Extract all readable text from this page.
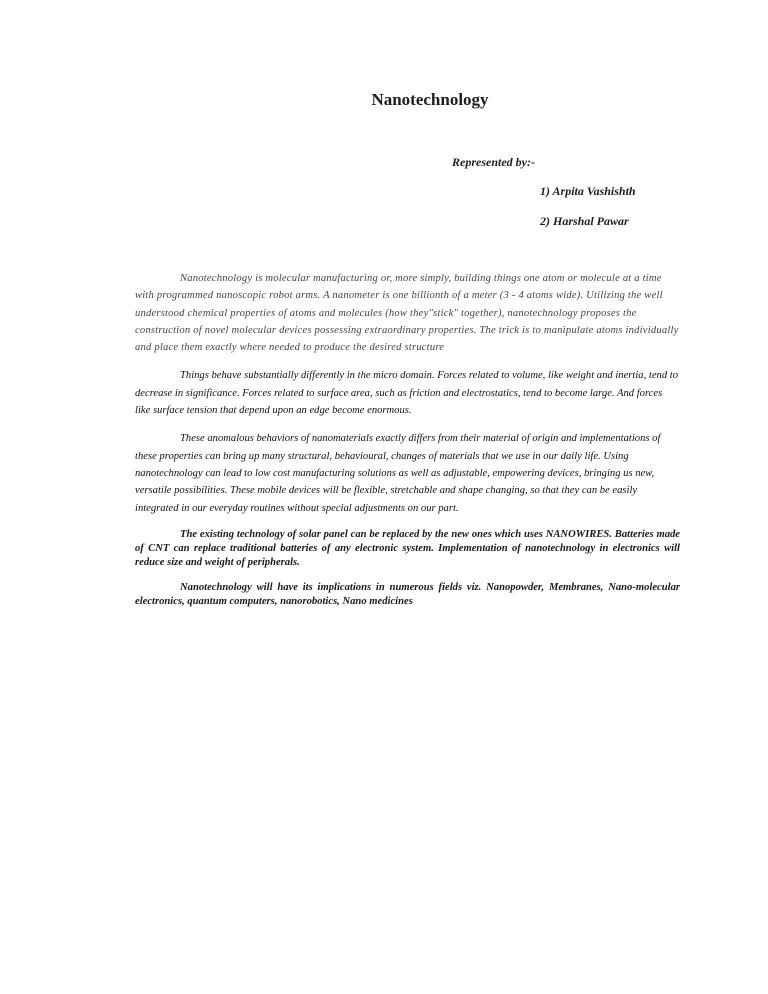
Nanotechnology

Represented by:-

1) Arpita Vashishth

2) Harshal Pawar

Nanotechnology is molecular manufacturing or, more simply, building things one atom or molecule at a time with programmed nanoscopic robot arms. A nanometer is one billionth of a meter (3 - 4 atoms wide). Utilizing the well understood chemical properties of atoms and molecules (how they"stick" together), nanotechnology proposes the construction of novel molecular devices possessing extraordinary properties. The trick is to manipulate atoms individually and place them exactly where needed to produce the desired structure

Things behave substantially differently in the micro domain. Forces related to volume, like weight and inertia, tend to decrease in significance. Forces related to surface area, such as friction and electrostatics, tend to become large. And forces like surface tension that depend upon an edge become enormous.

These anomalous behaviors of nanomaterials exactly differs from their material of origin and implementations of these properties can bring up many structural, behavioural, changes of materials that we use in our daily life. Using nanotechnology can lead to low cost manufacturing solutions as well as adjustable, empowering devices, bringing us new, versatile possibilities. These mobile devices will be flexible, stretchable and shape changing, so that they can be easily integrated in our everyday routines without special adjustments on our part.

The existing technology of solar panel can be replaced by the new ones which uses NANOWIRES. Batteries made of CNT can replace traditional batteries of any electronic system. Implementation of nanotechnology in electronics will reduce size and weight of peripherals.

Nanotechnology will have its implications in numerous fields viz. Nanopowder, Membranes, Nano-molecular electronics, quantum computers, nanorobotics, Nano medicines
